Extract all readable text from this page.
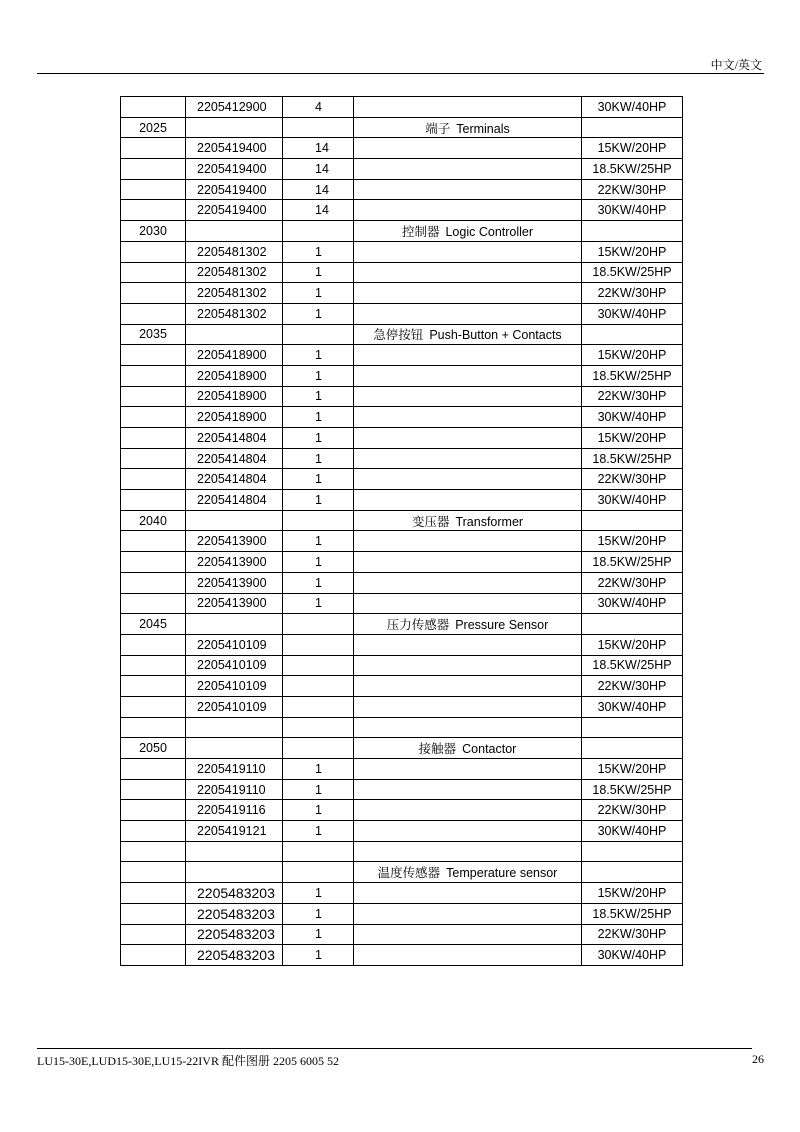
中文/英文
	2205412900	4		30KW/40HP
2025			端子 Terminals	
	2205419400	14		15KW/20HP
	2205419400	14		18.5KW/25HP
	2205419400	14		22KW/30HP
	2205419400	14		30KW/40HP
2030			控制器 Logic Controller	
	2205481302	1		15KW/20HP
	2205481302	1		18.5KW/25HP
	2205481302	1		22KW/30HP
	2205481302	1		30KW/40HP
2035			急停按钮 Push-Button + Contacts	
	2205418900	1		15KW/20HP
	2205418900	1		18.5KW/25HP
	2205418900	1		22KW/30HP
	2205418900	1		30KW/40HP
	2205414804	1		15KW/20HP
	2205414804	1		18.5KW/25HP
	2205414804	1		22KW/30HP
	2205414804	1		30KW/40HP
2040			变压器 Transformer	
	2205413900	1		15KW/20HP
	2205413900	1		18.5KW/25HP
	2205413900	1		22KW/30HP
	2205413900	1		30KW/40HP
2045			压力传感器 Pressure Sensor	
	2205410109			15KW/20HP
	2205410109			18.5KW/25HP
	2205410109			22KW/30HP
	2205410109			30KW/40HP

2050			接触器 Contactor	
	2205419110	1		15KW/20HP
	2205419110	1		18.5KW/25HP
	2205419116	1		22KW/30HP
	2205419121	1		30KW/40HP

			温度传感器 Temperature sensor	
	2205483203	1		15KW/20HP
	2205483203	1		18.5KW/25HP
	2205483203	1		22KW/30HP
	2205483203	1		30KW/40HP
LU15-30E,LUD15-30E,LU15-22IVR 配件图册 2205 6005 52	26
